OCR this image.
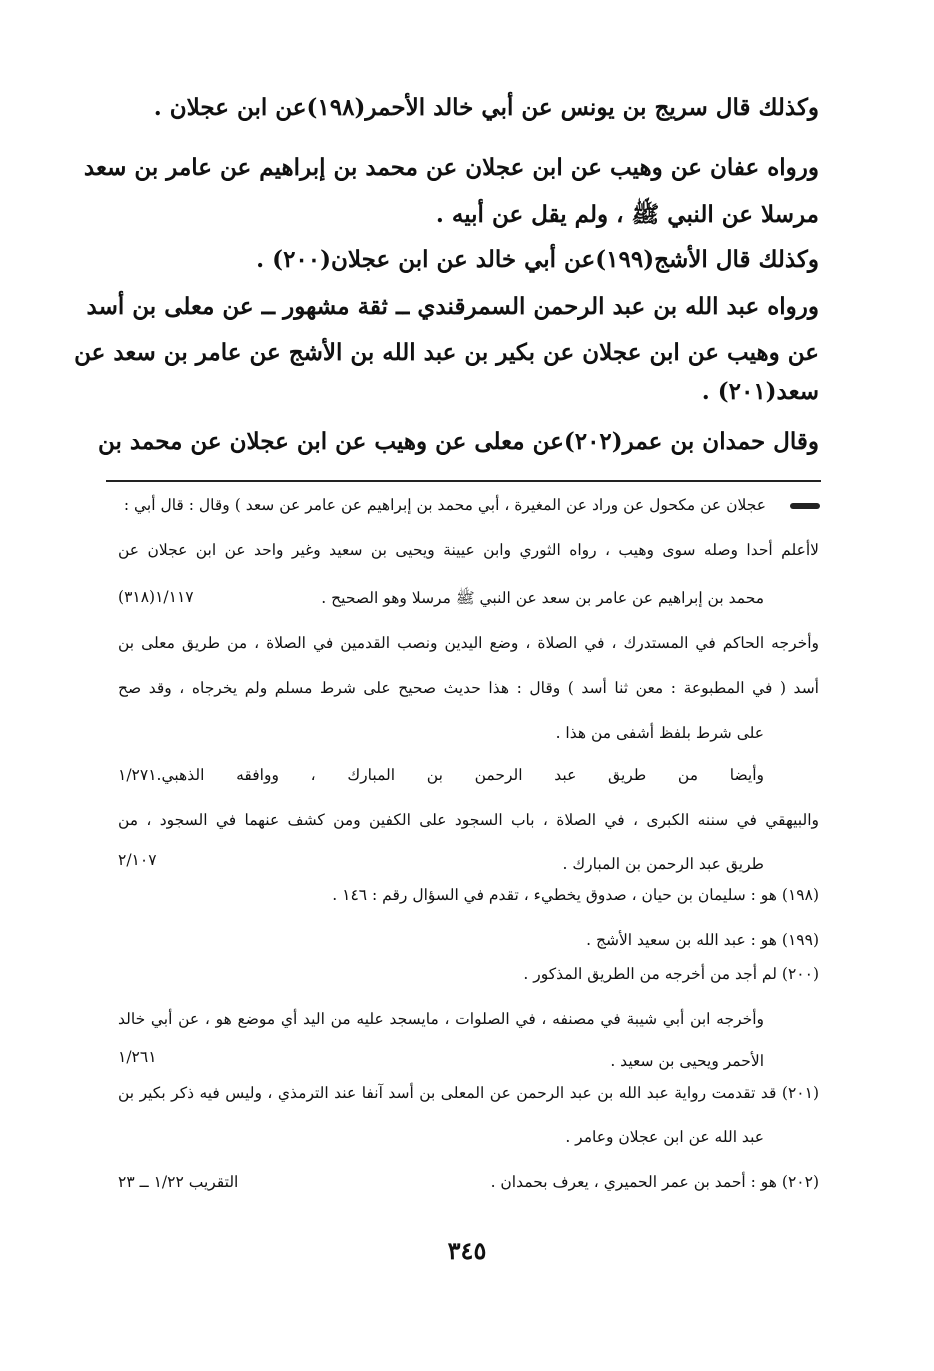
وكذلك قال سريج بن يونس عن أبي خالد الأحمر(١٩٨)عن ابن عجلان .
ورواه عفان عن وهيب عن ابن عجلان عن محمد بن إبراهيم عن عامر بن سعد
مرسلا عن النبي ﷺ ، ولم يقل عن أبيه .
وكذلك قال الأشج(١٩٩)عن أبي خالد عن ابن عجلان(٢٠٠) .
ورواه عبد الله بن عبد الرحمن السمرقندي ــ ثقة مشهور ــ عن معلى بن أسد
عن وهيب عن ابن عجلان عن بكير بن عبد الله بن الأشج عن عامر بن سعد عن
سعد(٢٠١) .
وقال حمدان بن عمر(٢٠٢)عن معلى عن وهيب عن ابن عجلان عن محمد بن
عجلان عن مكحول عن وراد عن المغيرة ، أبي محمد بن إبراهيم عن عامر عن سعد ) وقال : قال أبي :
لاأعلم أحدا وصله سوى وهيب ، رواه الثوري وابن عيينة ويحيى بن سعيد وغير واحد عن ابن عجلان عن
محمد بن إبراهيم عن عامر بن سعد عن النبي ﷺ مرسلا وهو الصحيح .
١/١١٧(٣١٨)
وأخرجه الحاكم في المستدرك ، في الصلاة ، وضع اليدين ونصب القدمين في الصلاة ، من طريق معلى بن
أسد ( في المطبوعة : معن ثنا أسد ) وقال : هذا حديث صحيح على شرط مسلم ولم يخرجاه ، وقد صح
على شرط بلفظ أشفى من هذا .
وأيضا من طريق عبد الرحمن بن المبارك ، ووافقه الذهبي.١/٢٧١
والبيهقي في سننه الكبرى ، في الصلاة ، باب السجود على الكفين ومن كشف عنهما في السجود ، من
طريق عبد الرحمن بن المبارك .
٢/١٠٧
(١٩٨) هو : سليمان بن حيان ، صدوق يخطيء ، تقدم في السؤال رقم : ١٤٦ .
(١٩٩) هو : عبد الله بن سعيد الأشج .
(٢٠٠) لم أجد من أخرجه من الطريق المذكور .
وأخرجه ابن أبي شيبة في مصنفه ، في الصلوات ، مايسجد عليه من اليد أي موضع هو ، عن أبي خالد
الأحمر ويحيى بن سعيد .
١/٢٦١
(٢٠١) قد تقدمت رواية عبد الله بن عبد الرحمن عن المعلى بن أسد آنفا عند الترمذي ، وليس فيه ذكر بكير بن
عبد الله عن ابن عجلان وعامر .
(٢٠٢) هو : أحمد بن عمر الحميري ، يعرف بحمدان .
التقريب ١/٢٢ ــ ٢٣
٣٤٥
